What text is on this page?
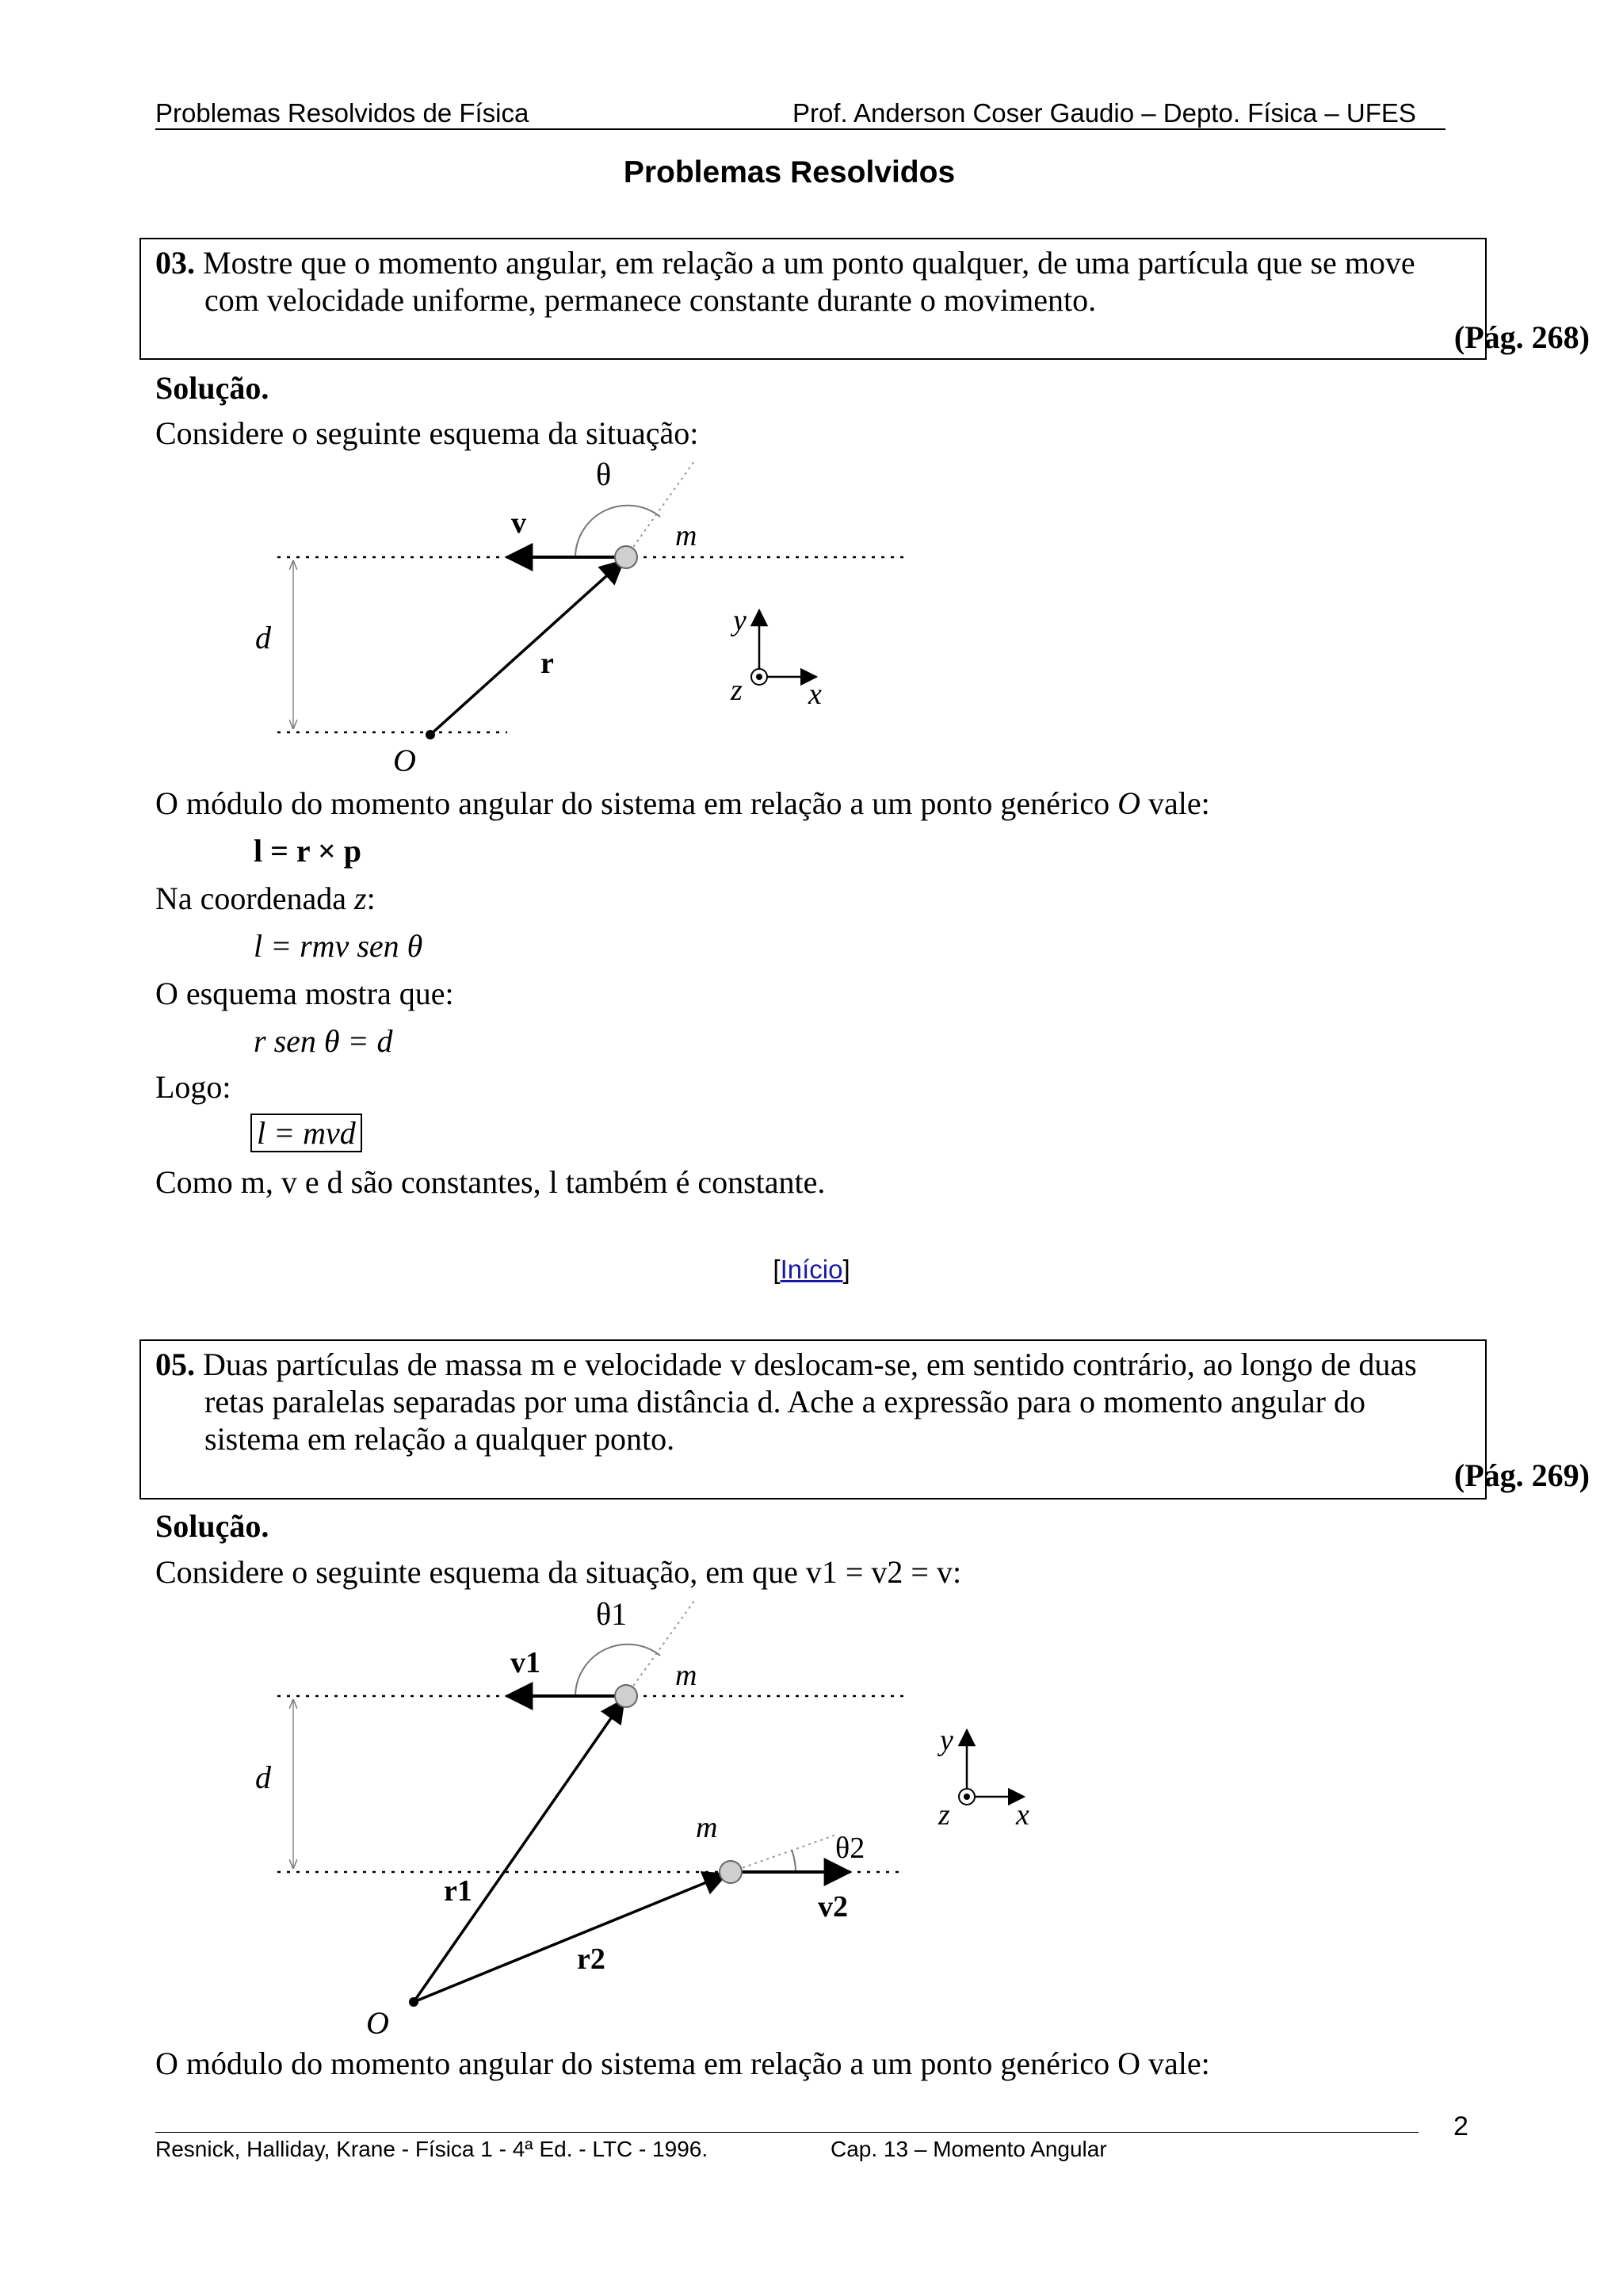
Problemas Resolvidos de Física	Prof. Anderson Coser Gaudio – Depto. Física – UFES
Problemas Resolvidos
03. Mostre que o momento angular, em relação a um ponto qualquer, de uma partícula que se move
com velocidade uniforme, permanece constante durante o movimento.
(Pág. 268)
Solução.
Considere o seguinte esquema da situação:
θ
v	m
d
r
O
y
z x
O módulo do momento angular do sistema em relação a um ponto genérico O vale:
l = r × p
Na coordenada z:
l = rmv sen θ
O esquema mostra que:
r sen θ = d
Logo:
l = mvd
Como m, v e d são constantes, l também é constante.
[Início]
05. Duas partículas de massa m e velocidade v deslocam-se, em sentido contrário, ao longo de duas
retas paralelas separadas por uma distância d. Ache a expressão para o momento angular do
sistema em relação a qualquer ponto.
(Pág. 269)
Solução.
Considere o seguinte esquema da situação, em que v1 = v2 = v:
θ1
v1	m
d
m
θ2
r1	v2
r2
O
y
z x
O módulo do momento angular do sistema em relação a um ponto genérico O vale:
2
Resnick, Halliday, Krane - Física 1 - 4ª Ed. - LTC - 1996.	Cap. 13 – Momento Angular
